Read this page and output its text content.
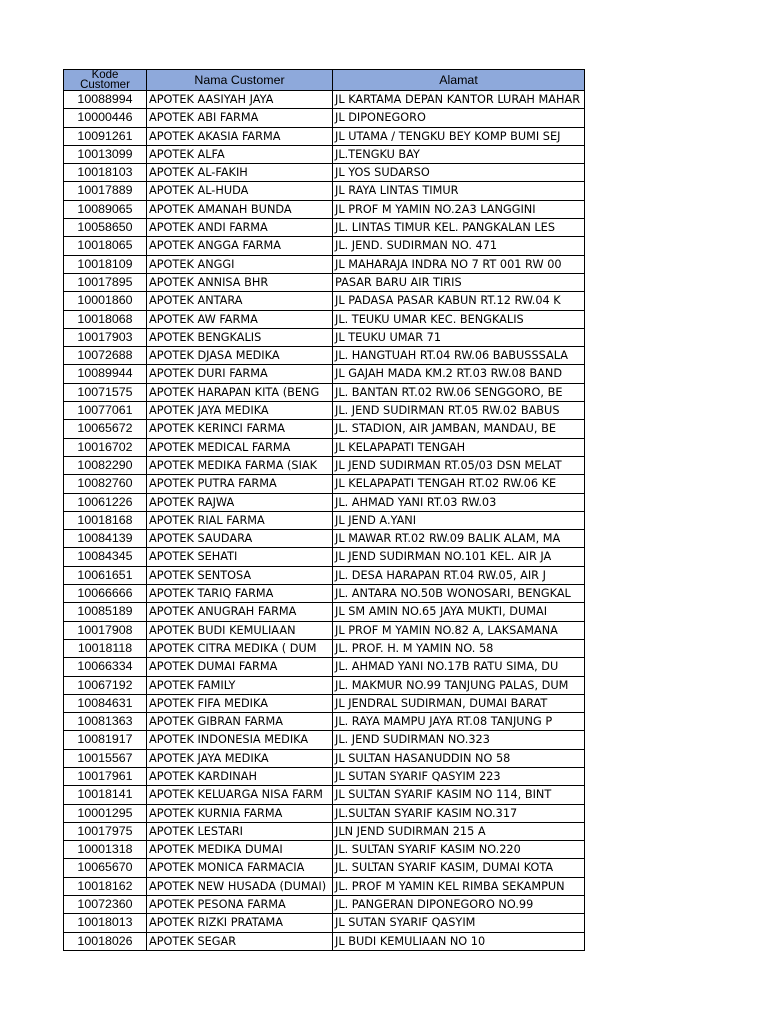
Kode
Customer	Nama Customer	Alamat
10088994	APOTEK AASIYAH JAYA	JL KARTAMA DEPAN KANTOR LURAH MAHAR
10000446	APOTEK ABI FARMA	JL DIPONEGORO
10091261	APOTEK AKASIA FARMA	JL UTAMA / TENGKU BEY KOMP BUMI SEJ
10013099	APOTEK ALFA	JL.TENGKU BAY
10018103	APOTEK AL-FAKIH	JL YOS SUDARSO
10017889	APOTEK AL-HUDA	JL RAYA LINTAS TIMUR
10089065	APOTEK AMANAH BUNDA	JL PROF M YAMIN NO.2A3 LANGGINI
10058650	APOTEK ANDI FARMA	JL. LINTAS TIMUR KEL. PANGKALAN LES
10018065	APOTEK ANGGA FARMA	JL. JEND. SUDIRMAN NO. 471
10018109	APOTEK ANGGI	JL MAHARAJA INDRA NO 7 RT 001 RW 00
10017895	APOTEK ANNISA BHR	PASAR BARU AIR TIRIS
10001860	APOTEK ANTARA	JL PADASA PASAR KABUN RT.12 RW.04 K
10018068	APOTEK AW FARMA	JL. TEUKU UMAR KEC. BENGKALIS
10017903	APOTEK BENGKALIS	JL TEUKU UMAR 71
10072688	APOTEK DJASA MEDIKA	JL. HANGTUAH RT.04 RW.06 BABUSSSALA
10089944	APOTEK DURI FARMA	JL GAJAH MADA KM.2 RT.03 RW.08 BAND
10071575	APOTEK HARAPAN KITA (BENG	JL. BANTAN RT.02 RW.06 SENGGORO, BE
10077061	APOTEK JAYA MEDIKA	JL. JEND SUDIRMAN RT.05 RW.02 BABUS
10065672	APOTEK KERINCI FARMA	JL. STADION, AIR JAMBAN, MANDAU, BE
10016702	APOTEK MEDICAL FARMA	JL KELAPAPATI TENGAH
10082290	APOTEK MEDIKA FARMA (SIAK	JL JEND SUDIRMAN RT.05/03 DSN MELAT
10082760	APOTEK PUTRA FARMA	JL KELAPAPATI TENGAH RT.02 RW.06 KE
10061226	APOTEK RAJWA	JL. AHMAD YANI RT.03 RW.03
10018168	APOTEK RIAL FARMA	JL JEND A.YANI
10084139	APOTEK SAUDARA	JL MAWAR RT.02 RW.09 BALIK ALAM, MA
10084345	APOTEK SEHATI	JL JEND SUDIRMAN NO.101 KEL. AIR JA
10061651	APOTEK SENTOSA	JL. DESA HARAPAN RT.04 RW.05, AIR J
10066666	APOTEK TARIQ FARMA	JL. ANTARA NO.50B WONOSARI, BENGKAL
10085189	APOTEK ANUGRAH FARMA	JL SM AMIN NO.65 JAYA MUKTI, DUMAI
10017908	APOTEK BUDI KEMULIAAN	JL PROF M YAMIN NO.82 A, LAKSAMANA
10018118	APOTEK CITRA MEDIKA ( DUM	JL. PROF. H. M YAMIN NO. 58
10066334	APOTEK DUMAI FARMA	JL. AHMAD YANI NO.17B RATU SIMA, DU
10067192	APOTEK FAMILY	JL. MAKMUR NO.99 TANJUNG PALAS, DUM
10084631	APOTEK FIFA MEDIKA	JL JENDRAL SUDIRMAN, DUMAI BARAT
10081363	APOTEK GIBRAN FARMA	JL. RAYA MAMPU JAYA RT.08 TANJUNG P
10081917	APOTEK INDONESIA MEDIKA	JL. JEND SUDIRMAN NO.323
10015567	APOTEK JAYA MEDIKA	JL SULTAN HASANUDDIN NO 58
10017961	APOTEK KARDINAH	JL SUTAN SYARIF QASYIM 223
10018141	APOTEK KELUARGA NISA FARM	JL SULTAN SYARIF KASIM NO 114, BINT
10001295	APOTEK KURNIA FARMA	JL.SULTAN SYARIF KASIM NO.317
10017975	APOTEK LESTARI	JLN JEND SUDIRMAN 215 A
10001318	APOTEK MEDIKA DUMAI	JL. SULTAN SYARIF KASIM NO.220
10065670	APOTEK MONICA FARMACIA	JL. SULTAN SYARIF KASIM, DUMAI KOTA
10018162	APOTEK NEW HUSADA (DUMAI)	JL. PROF M YAMIN KEL RIMBA SEKAMPUN
10072360	APOTEK PESONA FARMA	JL. PANGERAN DIPONEGORO NO.99
10018013	APOTEK RIZKI PRATAMA	JL SUTAN SYARIF QASYIM
10018026	APOTEK SEGAR	JL BUDI KEMULIAAN NO 10
